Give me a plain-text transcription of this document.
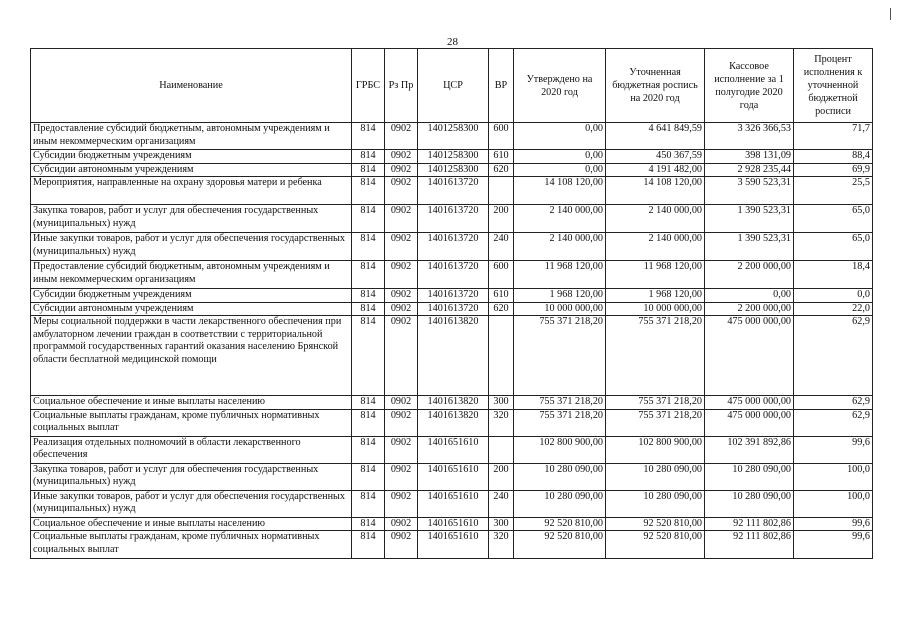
28
Наименование	ГРБС	Рз Пр	ЦСР	ВР	Утверждено на 2020 год	Уточненная бюджетная роспись на 2020 год	Кассовое исполнение за 1 полугодие 2020 года	Процент исполнения к уточненной бюджетной росписи
Предоставление субсидий бюджетным, автономным учреждениям и иным некоммерческим организациям	814	0902	1401258300	600	0,00	4 641 849,59	3 326 366,53	71,7
Субсидии бюджетным учреждениям	814	0902	1401258300	610	0,00	450 367,59	398 131,09	88,4
Субсидии автономным учреждениям	814	0902	1401258300	620	0,00	4 191 482,00	2 928 235,44	69,9
Мероприятия, направленные на охрану здоровья матери и ребенка	814	0902	1401613720		14 108 120,00	14 108 120,00	3 590 523,31	25,5
Закупка товаров, работ и услуг для обеспечения государственных (муниципальных) нужд	814	0902	1401613720	200	2 140 000,00	2 140 000,00	1 390 523,31	65,0
Иные закупки товаров, работ и услуг для обеспечения государственных (муниципальных) нужд	814	0902	1401613720	240	2 140 000,00	2 140 000,00	1 390 523,31	65,0
Предоставление субсидий бюджетным, автономным учреждениям и иным некоммерческим организациям	814	0902	1401613720	600	11 968 120,00	11 968 120,00	2 200 000,00	18,4
Субсидии бюджетным учреждениям	814	0902	1401613720	610	1 968 120,00	1 968 120,00	0,00	0,0
Субсидии автономным учреждениям	814	0902	1401613720	620	10 000 000,00	10 000 000,00	2 200 000,00	22,0
Меры социальной поддержки в части лекарственного обеспечения при амбулаторном лечении граждан в соответствии с территориальной программой государственных гарантий оказания населению Брянской области бесплатной медицинской помощи	814	0902	1401613820		755 371 218,20	755 371 218,20	475 000 000,00	62,9
Социальное обеспечение и иные выплаты населению	814	0902	1401613820	300	755 371 218,20	755 371 218,20	475 000 000,00	62,9
Социальные выплаты гражданам, кроме публичных нормативных социальных выплат	814	0902	1401613820	320	755 371 218,20	755 371 218,20	475 000 000,00	62,9
Реализация отдельных полномочий в области лекарственного обеспечения	814	0902	1401651610		102 800 900,00	102 800 900,00	102 391 892,86	99,6
Закупка товаров, работ и услуг для обеспечения государственных (муниципальных) нужд	814	0902	1401651610	200	10 280 090,00	10 280 090,00	10 280 090,00	100,0
Иные закупки товаров, работ и услуг для обеспечения государственных (муниципальных) нужд	814	0902	1401651610	240	10 280 090,00	10 280 090,00	10 280 090,00	100,0
Социальное обеспечение и иные выплаты населению	814	0902	1401651610	300	92 520 810,00	92 520 810,00	92 111 802,86	99,6
Социальные выплаты гражданам, кроме публичных нормативных социальных выплат	814	0902	1401651610	320	92 520 810,00	92 520 810,00	92 111 802,86	99,6
